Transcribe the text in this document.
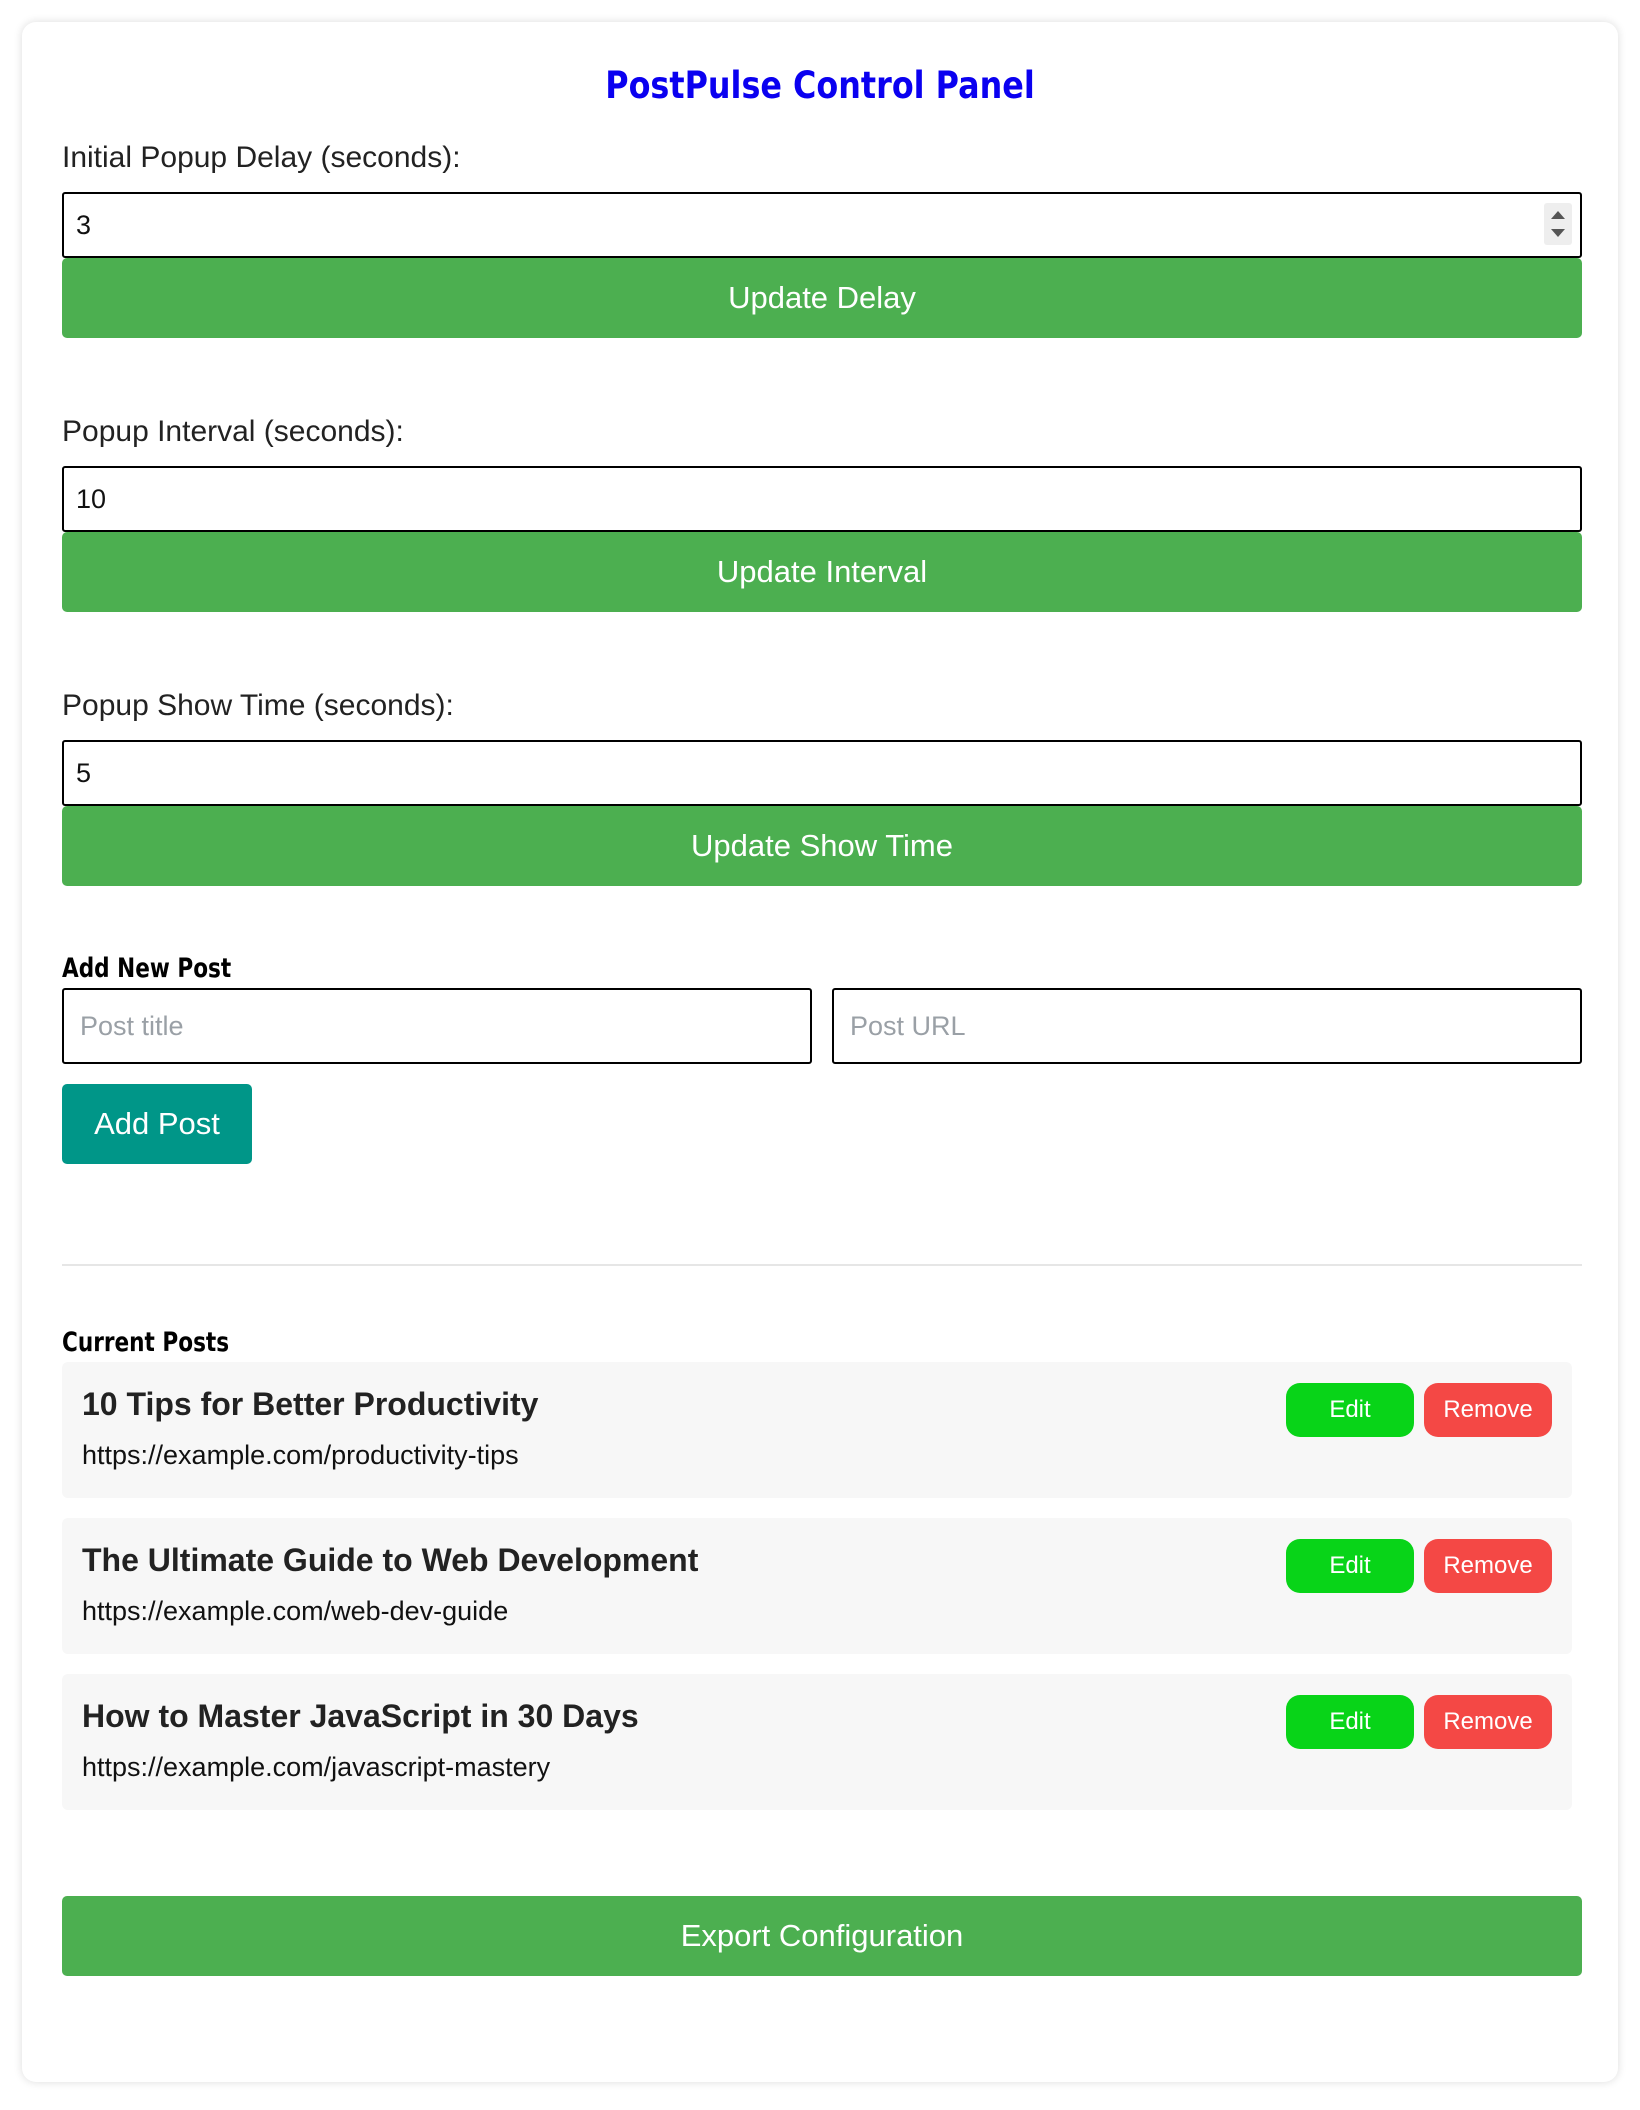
PostPulse Control Panel
Initial Popup Delay (seconds):
3
Update Delay
Popup Interval (seconds):
10
Update Interval
Popup Show Time (seconds):
5
Update Show Time
Add New Post
Post title	Post URL
Add Post
Current Posts
10 Tips for Better Productivity
https://example.com/productivity-tips
Edit	Remove
The Ultimate Guide to Web Development
https://example.com/web-dev-guide
Edit	Remove
How to Master JavaScript in 30 Days
https://example.com/javascript-mastery
Edit	Remove
Export Configuration
